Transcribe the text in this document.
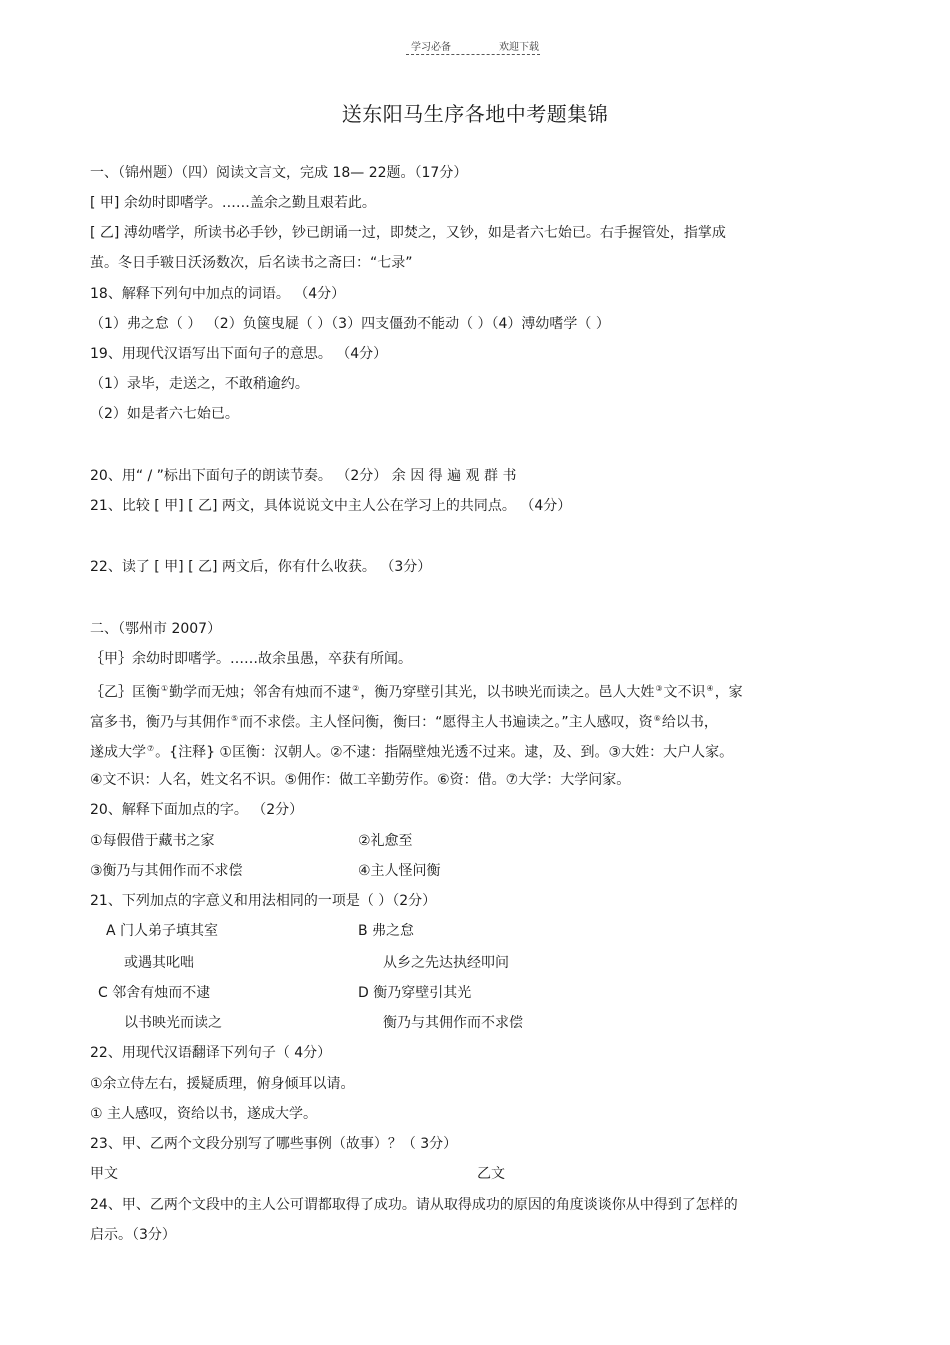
学习必备	欢迎下载
送东阳马生序各地中考题集锦
一、（锦州题）（四）阅读文言文，完成 18— 22题。（17分）
[ 甲] 余幼时即嗜学。……盖余之勤且艰若此。
[ 乙] 溥幼嗜学，所读书必手钞，钞已朗诵一过，即焚之，又钞，如是者六七始已。右手握管处，指掌成
茧。冬日手皲日沃汤数次，后名读书之斋曰：“七录”
18、解释下列句中加点的词语。 （4分）
（1）弗之怠（ ） （2）负箧曳屣（ ）（3）四支僵劲不能动（ ）（4）溥幼嗜学（ ）
19、用现代汉语写出下面句子的意思。 （4分）
（1）录毕，走送之，不敢稍逾约。
（2）如是者六七始已。
20、用“ / ”标出下面句子的朗读节奏。 （2分） 余 因 得 遍 观 群 书
21、比较 [ 甲] [ 乙] 两文，具体说说文中主人公在学习上的共同点。 （4分）
22、读了 [ 甲] [ 乙] 两文后，你有什么收获。 （3分）
二、（鄂州市 2007）
｛甲｝余幼时即嗜学。……故余虽愚，卒获有所闻。
｛乙｝匡衡①勤学而无烛；邻舍有烛而不逮②，衡乃穿壁引其光，以书映光而读之。邑人大姓③文不识④，家
富多书，衡乃与其佣作⑤而不求偿。主人怪问衡，衡曰：“愿得主人书遍读之。”主人感叹，资⑥给以书，
遂成大学⑦。{注释} ①匡衡：汉朝人。②不逮：指隔壁烛光透不过来。逮，及、到。③大姓：大户人家。
④文不识：人名，姓文名不识。⑤佣作：做工辛勤劳作。⑥资：借。⑦大学：大学问家。
20、解释下面加点的字。 （2分）
①每假借于藏书之家	②礼愈至
③衡乃与其佣作而不求偿	④主人怪问衡
21、下列加点的字意义和用法相同的一项是（ ）（2分）
A 门人弟子填其室	B 弗之怠
或遇其叱咄	从乡之先达执经叩问
C 邻舍有烛而不逮	D 衡乃穿壁引其光
以书映光而读之	衡乃与其佣作而不求偿
22、用现代汉语翻译下列句子（ 4分）
①余立侍左右，援疑质理，俯身倾耳以请。
① 主人感叹，资给以书，遂成大学。
23、甲、乙两个文段分别写了哪些事例（故事）？（ 3分）
甲文	乙文
24、甲、乙两个文段中的主人公可谓都取得了成功。请从取得成功的原因的角度谈谈你从中得到了怎样的
启示。（3分）
